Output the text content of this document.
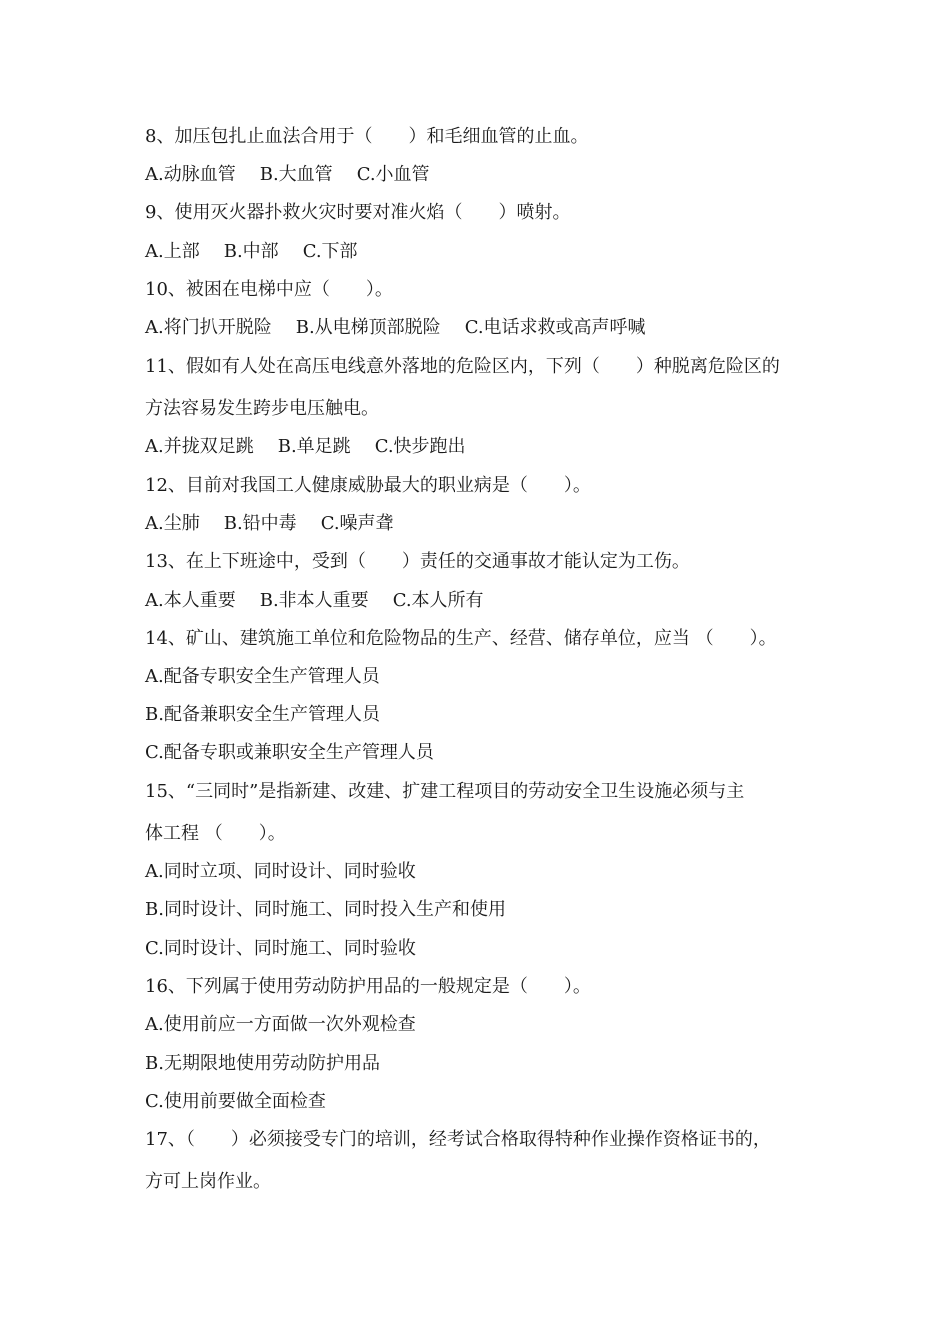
8、加压包扎止血法合用于（　　）和毛细血管的止血。
A.动脉血管 B.大血管 C.小血管
9、使用灭火器扑救火灾时要对准火焰（　　）喷射。
A.上部 B.中部 C.下部
10、被困在电梯中应（　　）。
A.将门扒开脱险 B.从电梯顶部脱险 C.电话求救或高声呼喊
11、假如有人处在高压电线意外落地的危险区内，下列（　　）种脱离危险区的
方法容易发生跨步电压触电。
A.并拢双足跳 B.单足跳 C.快步跑出
12、目前对我国工人健康威胁最大的职业病是（　　）。
A.尘肺 B.铅中毒 C.噪声聋
13、在上下班途中，受到（　　）责任的交通事故才能认定为工伤。
A.本人重要 B.非本人重要 C.本人所有
14、矿山、建筑施工单位和危险物品的生产、经营、储存单位，应当 （　　）。
A.配备专职安全生产管理人员
B.配备兼职安全生产管理人员
C.配备专职或兼职安全生产管理人员
15、“三同时”是指新建、改建、扩建工程项目的劳动安全卫生设施必须与主
体工程 （　　）。
A.同时立项、同时设计、同时验收
B.同时设计、同时施工、同时投入生产和使用
C.同时设计、同时施工、同时验收
16、下列属于使用劳动防护用品的一般规定是（　　）。
A.使用前应一方面做一次外观检查
B.无期限地使用劳动防护用品
C.使用前要做全面检查
17、（　　）必须接受专门的培训，经考试合格取得特种作业操作资格证书的，
方可上岗作业。
